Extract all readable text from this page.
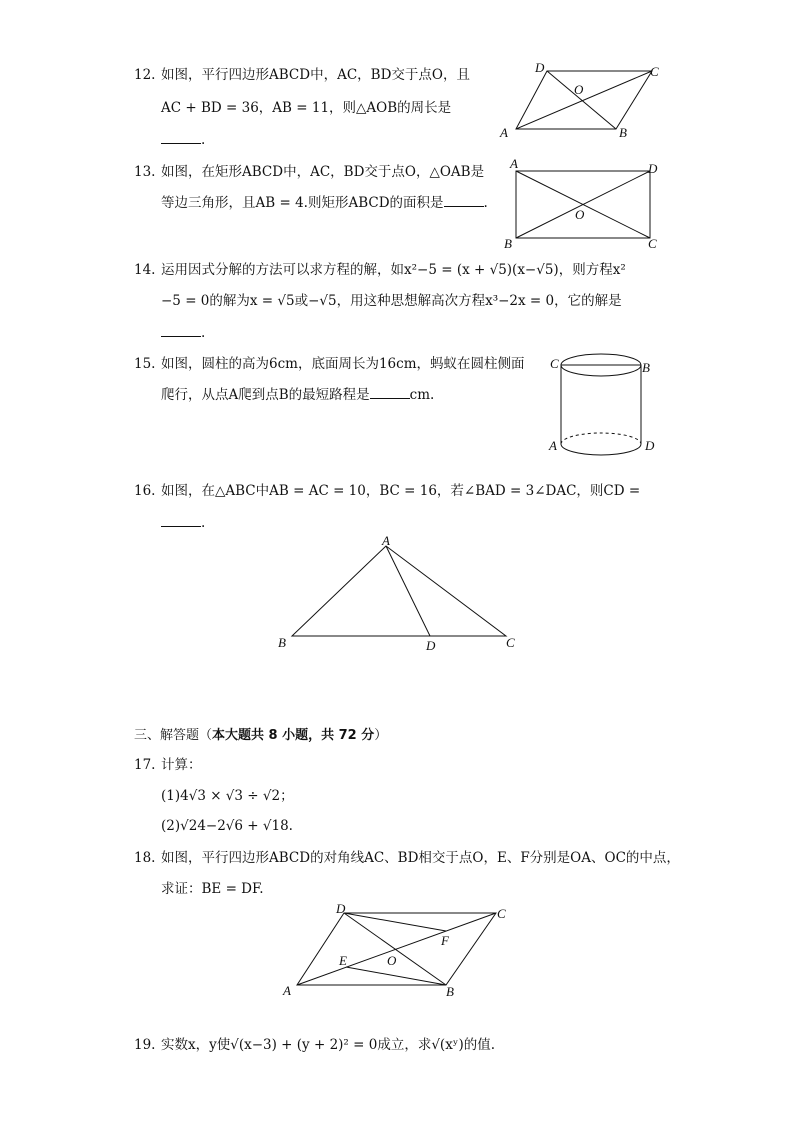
12. 如图，平行四边形ABCD中，AC，BD交于点O，且
AC + BD = 36，AB = 11，则△AOB的周长是
.	A	B
C
D
O
13. 如图，在矩形ABCD中，AC，BD交于点O，△OAB是
等边三角形，且AB = 4.则矩形ABCD的面积是	.
A	D
B	C
O
14. 运用因式分解的方法可以求方程的解，如x²−5 = (x + √5)(x−√5)，则方程x²
−5 = 0的解为x = √5或−√5，用这种思想解高次方程x³−2x = 0，它的解是
.
15. 如图，圆柱的高为6cm，底面周长为16cm，蚂蚁在圆柱侧面
爬行，从点A爬到点B的最短路程是	cm.
C	B
A	D
16. 如图，在△ABC中AB = AC = 10，BC = 16，若∠BAD = 3∠DAC，则CD =
.
A
B	D	C
三、解答题（本大题共 8 小题，共 72 分）
17. 计算：
(1)4√3 × √3 ÷ √2；
(2)√24−2√6 + √18.
18. 如图，平行四边形ABCD的对角线AC、BD相交于点O，E、F分别是OA、OC的中点，
求证：BE = DF.
A	B
C
D
O
E
F
19. 实数x，y使√(x−3) + (y + 2)² = 0成立，求√(xʸ)的值.
